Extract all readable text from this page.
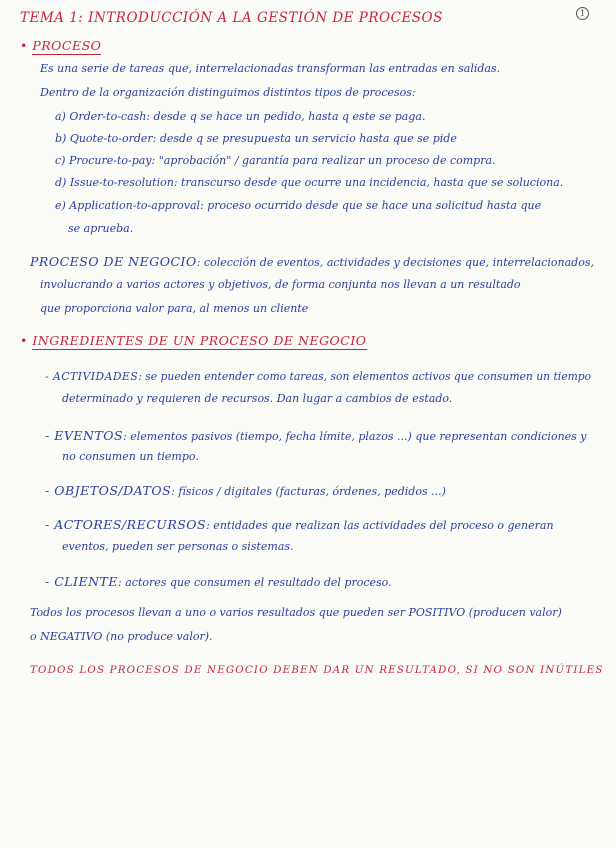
1
TEMA 1: INTRODUCCIÓN A LA GESTIÓN DE PROCESOS
• PROCESO
Es una serie de tareas que, interrelacionadas transforman las entradas en salidas.
Dentro de la organización distinguimos distintos tipos de procesos:
a) Order-to-cash: desde q se hace un pedido, hasta q este se paga.
b) Quote-to-order: desde q se presupuesta un servicio hasta que se pide
c) Procure-to-pay: "aprobación" / garantía para realizar un proceso de compra.
d) Issue-to-resolution: transcurso desde que ocurre una incidencia, hasta que se soluciona.
e) Application-to-approval: proceso ocurrido desde que se hace una solicitud hasta que
se aprueba.
PROCESO DE NEGOCIO: colección de eventos, actividades y decisiones que, interrelacionados,
involucrando a varios actores y objetivos, de forma conjunta nos llevan a un resultado
que proporciona valor para, al menos un cliente
• INGREDIENTES DE UN PROCESO DE NEGOCIO
- ACTIVIDADES: se pueden entender como tareas, son elementos activos que consumen un tiempo
determinado y requieren de recursos. Dan lugar a cambios de estado.
- EVENTOS: elementos pasivos (tiempo, fecha límite, plazos ...) que representan condiciones y
no consumen un tiempo.
- OBJETOS/DATOS: físicos / digitales (facturas, órdenes, pedidos ...)
- ACTORES/RECURSOS: entidades que realizan las actividades del proceso o generan
eventos, pueden ser personas o sistemas.
- CLIENTE: actores que consumen el resultado del proceso.
Todos los procesos llevan a uno o varios resultados que pueden ser POSITIVO (producen valor)
o NEGATIVO (no produce valor).
TODOS LOS PROCESOS DE NEGOCIO DEBEN DAR UN RESULTADO, SI NO SON INÚTILES
